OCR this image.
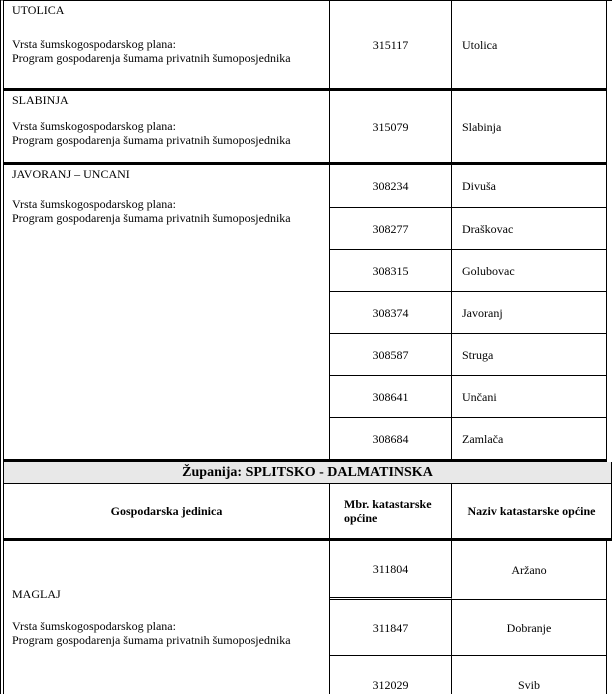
UTOLICA
Vrsta šumskogospodarskog plana:
Program gospodarenja šumama privatnih šumoposjednika
315117	Utolica
SLABINJA
Vrsta šumskogospodarskog plana:
Program gospodarenja šumama privatnih šumoposjednika
315079	Slabinja
JAVORANJ – UNCANI
Vrsta šumskogospodarskog plana:
Program gospodarenja šumama privatnih šumoposjednika
308234	Divuša
308277	Draškovac
308315	Golubovac
308374	Javoranj
308587	Struga
308641	Unčani
308684	Zamlača
Županija: SPLITSKO - DALMATINSKA
Gospodarska jedinica	Mbr. katastarske općine	Naziv katastarske općine
MAGLAJ
Vrsta šumskogospodarskog plana:
Program gospodarenja šumama privatnih šumoposjednika
311804	Aržano
311847	Dobranje
312029	Svib
